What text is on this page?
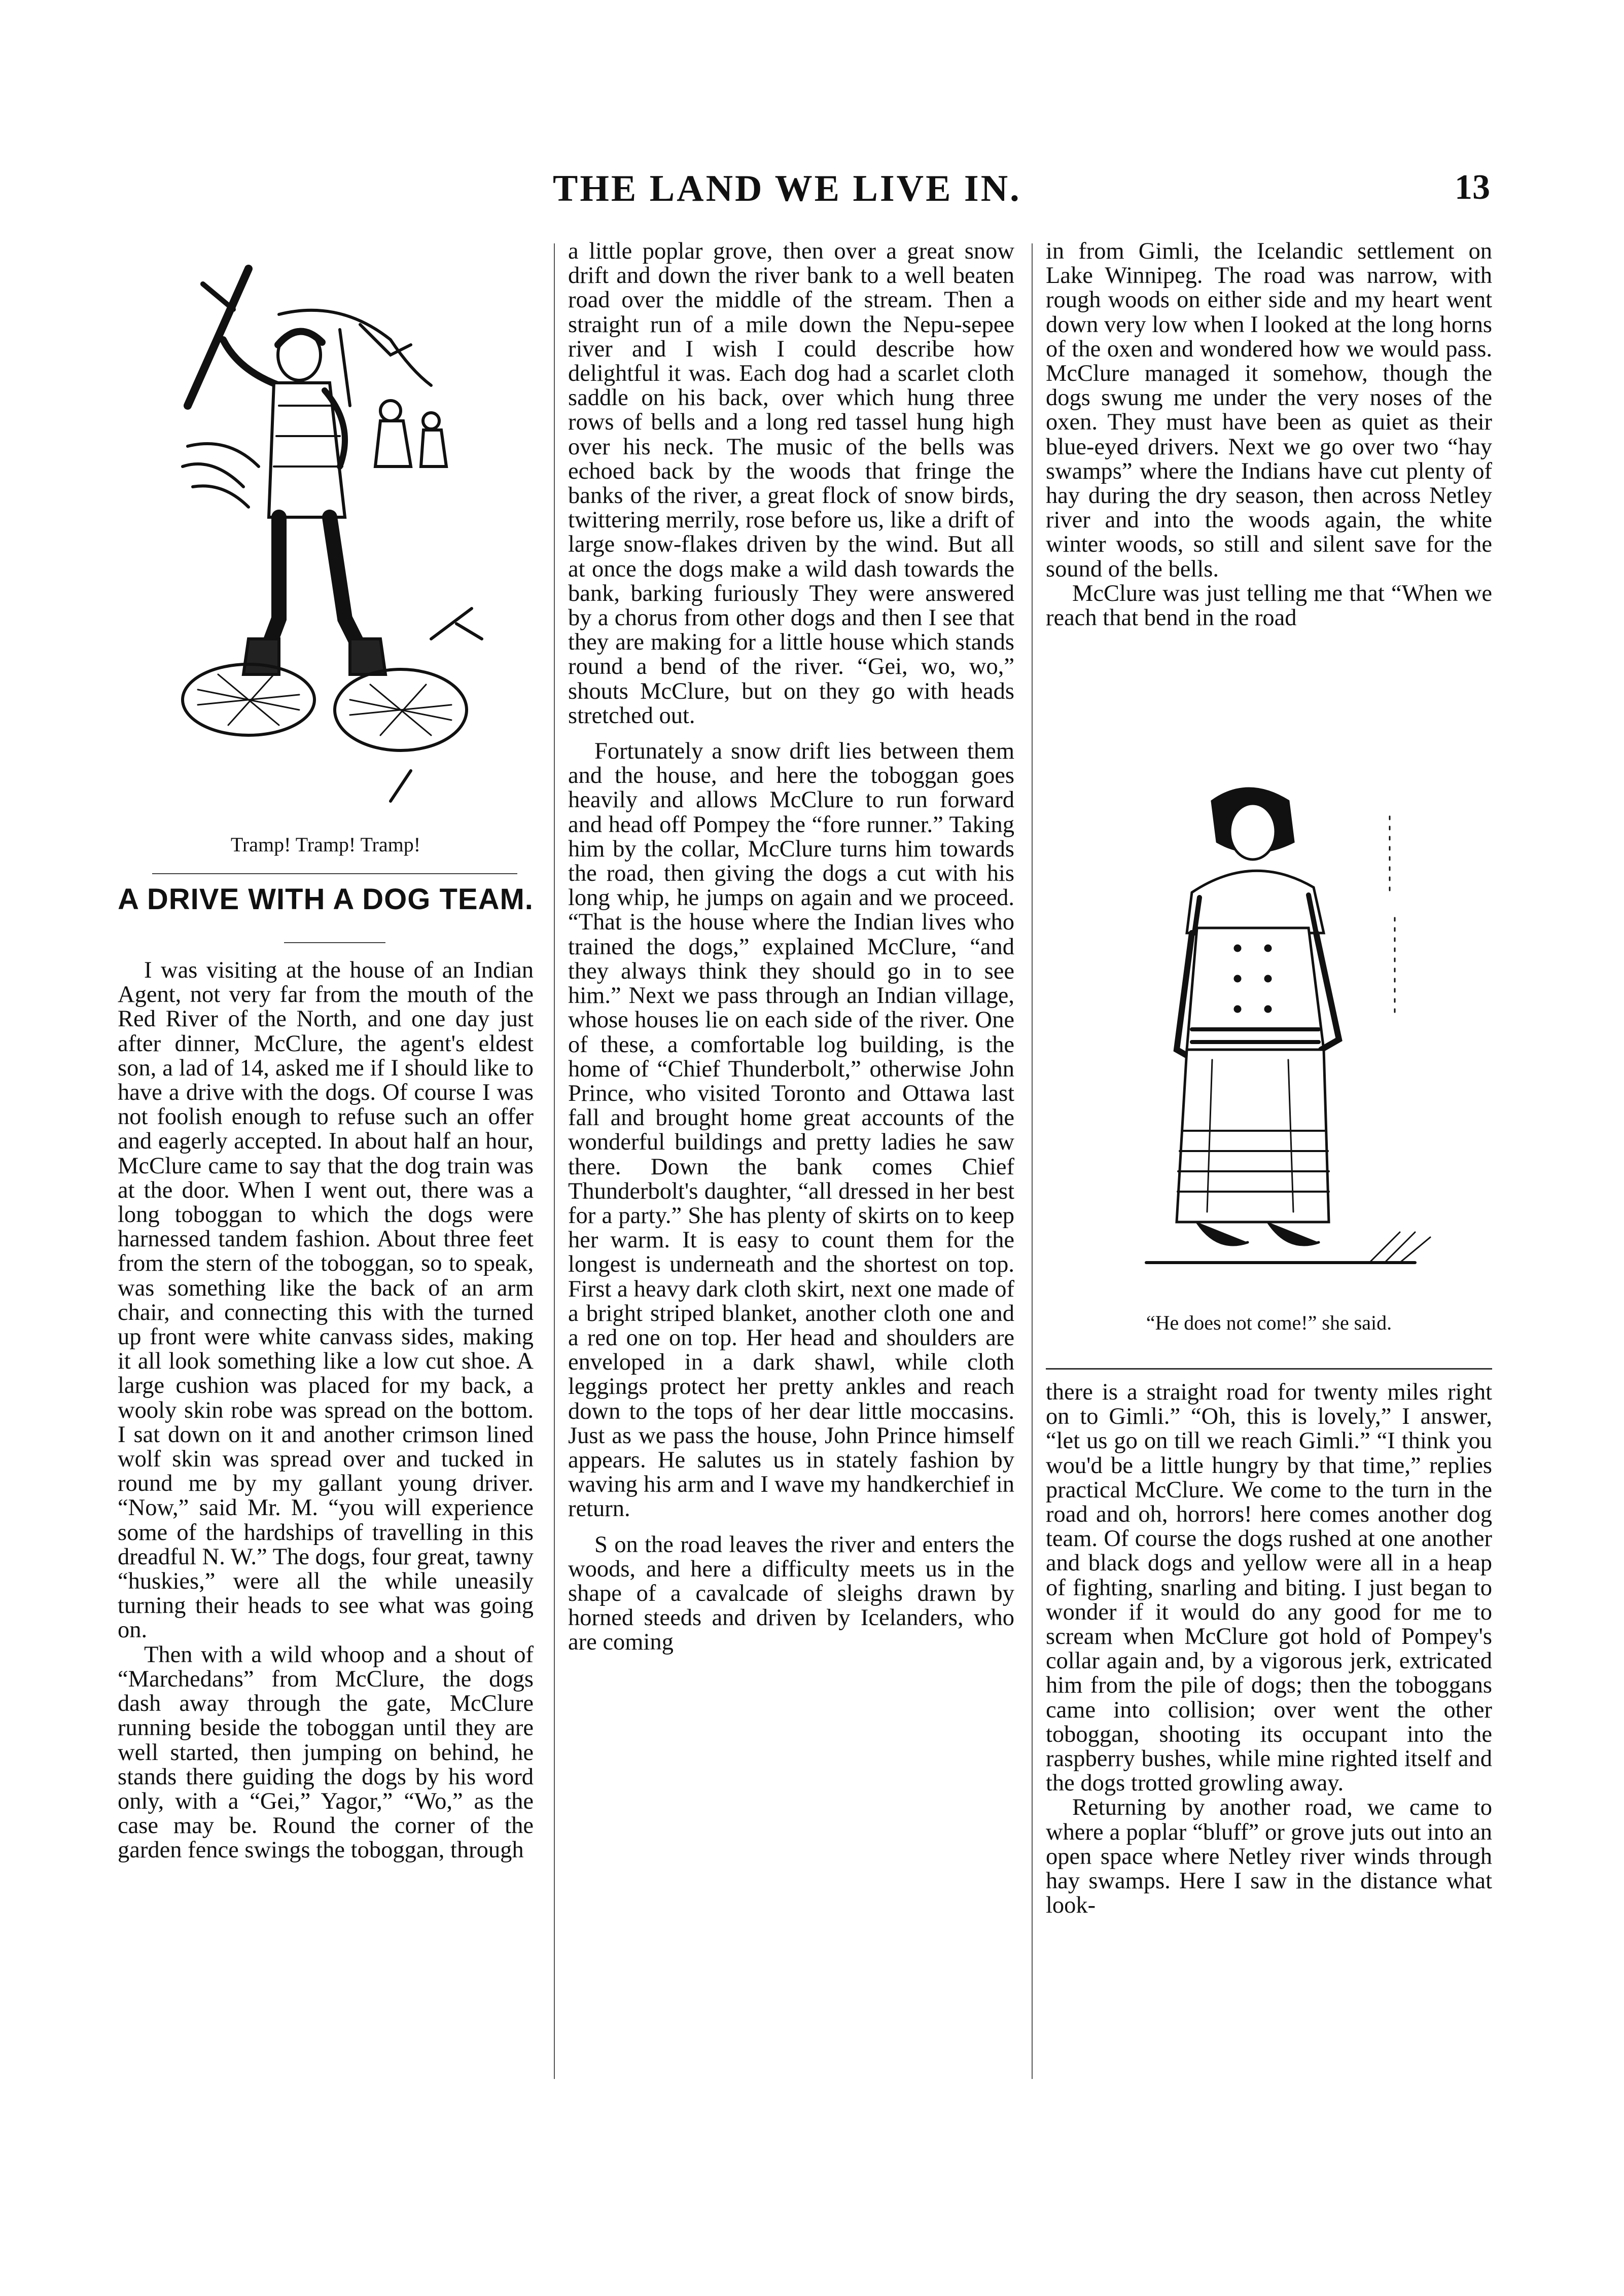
THE LAND WE LIVE IN.	13
Tramp! Tramp! Tramp!
A DRIVE WITH A DOG TEAM.

I was visiting at the house of an Indian Agent, not very far from the mouth of the Red River of the North, and one day just after dinner, McClure, the agent's eldest son, a lad of 14, asked me if I should like to have a drive with the dogs. Of course I was not foolish enough to refuse such an offer and eagerly accepted. In about half an hour, McClure came to say that the dog train was at the door. When I went out, there was a long toboggan to which the dogs were harnessed tandem fashion. About three feet from the stern of the toboggan, so to speak, was something like the back of an arm chair, and connecting this with the turned up front were white canvass sides, making it all look something like a low cut shoe. A large cushion was placed for my back, a wooly skin robe was spread on the bottom. I sat down on it and another crimson lined wolf skin was spread over and tucked in round me by my gallant young driver. “Now,” said Mr. M. “you will experience some of the hardships of travelling in this dreadful N. W.” The dogs, four great, tawny “huskies,” were all the while uneasily turning their heads to see what was going on.

Then with a wild whoop and a shout of “Marchedans” from McClure, the dogs dash away through the gate, McClure running beside the toboggan until they are well started, then jumping on behind, he stands there guiding the dogs by his word only, with a “Gei,” Yagor,” “Wo,” as the case may be. Round the corner of the garden fence swings the toboggan, through

a little poplar grove, then over a great snow drift and down the river bank to a well beaten road over the middle of the stream. Then a straight run of a mile down the Nepu-sepee river and I wish I could describe how delightful it was. Each dog had a scarlet cloth saddle on his back, over which hung three rows of bells and a long red tassel hung high over his neck. The music of the bells was echoed back by the woods that fringe the banks of the river, a great flock of snow birds, twittering merrily, rose before us, like a drift of large snow-flakes driven by the wind. But all at once the dogs make a wild dash towards the bank, barking furiously They were answered by a chorus from other dogs and then I see that they are making for a little house which stands round a bend of the river. “Gei, wo, wo,” shouts McClure, but on they go with heads stretched out.

Fortunately a snow drift lies between them and the house, and here the toboggan goes heavily and allows McClure to run forward and head off Pompey the “fore runner.” Taking him by the collar, McClure turns him towards the road, then giving the dogs a cut with his long whip, he jumps on again and we proceed. “That is the house where the Indian lives who trained the dogs,” explained McClure, “and they always think they should go in to see him.” Next we pass through an Indian village, whose houses lie on each side of the river. One of these, a comfortable log building, is the home of “Chief Thunderbolt,” otherwise John Prince, who visited Toronto and Ottawa last fall and brought home great accounts of the wonderful buildings and pretty ladies he saw there. Down the bank comes Chief Thunderbolt's daughter, “all dressed in her best for a party.” She has plenty of skirts on to keep her warm. It is easy to count them for the longest is underneath and the shortest on top. First a heavy dark cloth skirt, next one made of a bright striped blanket, another cloth one and a red one on top. Her head and shoulders are enveloped in a dark shawl, while cloth leggings protect her pretty ankles and reach down to the tops of her dear little moccasins. Just as we pass the house, John Prince himself appears. He salutes us in stately fashion by waving his arm and I wave my handkerchief in return.

S on the road leaves the river and enters the woods, and here a difficulty meets us in the shape of a cavalcade of sleighs drawn by horned steeds and driven by Icelanders, who are coming

in from Gimli, the Icelandic settlement on Lake Winnipeg. The road was narrow, with rough woods on either side and my heart went down very low when I looked at the long horns of the oxen and wondered how we would pass. McClure managed it somehow, though the dogs swung me under the very noses of the oxen. They must have been as quiet as their blue-eyed drivers. Next we go over two “hay swamps” where the Indians have cut plenty of hay during the dry season, then across Netley river and into the woods again, the white winter woods, so still and silent save for the sound of the bells.

McClure was just telling me that “When we reach that bend in the road

“He does not come!” she said.

there is a straight road for twenty miles right on to Gimli.” “Oh, this is lovely,” I answer, “let us go on till we reach Gimli.” “I think you wou'd be a little hungry by that time,” replies practical McClure. We come to the turn in the road and oh, horrors! here comes another dog team. Of course the dogs rushed at one another and black dogs and yellow were all in a heap of fighting, snarling and biting. I just began to wonder if it would do any good for me to scream when McClure got hold of Pompey's collar again and, by a vigorous jerk, extricated him from the pile of dogs; then the toboggans came into collision; over went the other toboggan, shooting its occupant into the raspberry bushes, while mine righted itself and the dogs trotted growling away.

Returning by another road, we came to where a poplar “bluff” or grove juts out into an open space where Netley river winds through hay swamps. Here I saw in the distance what look-
